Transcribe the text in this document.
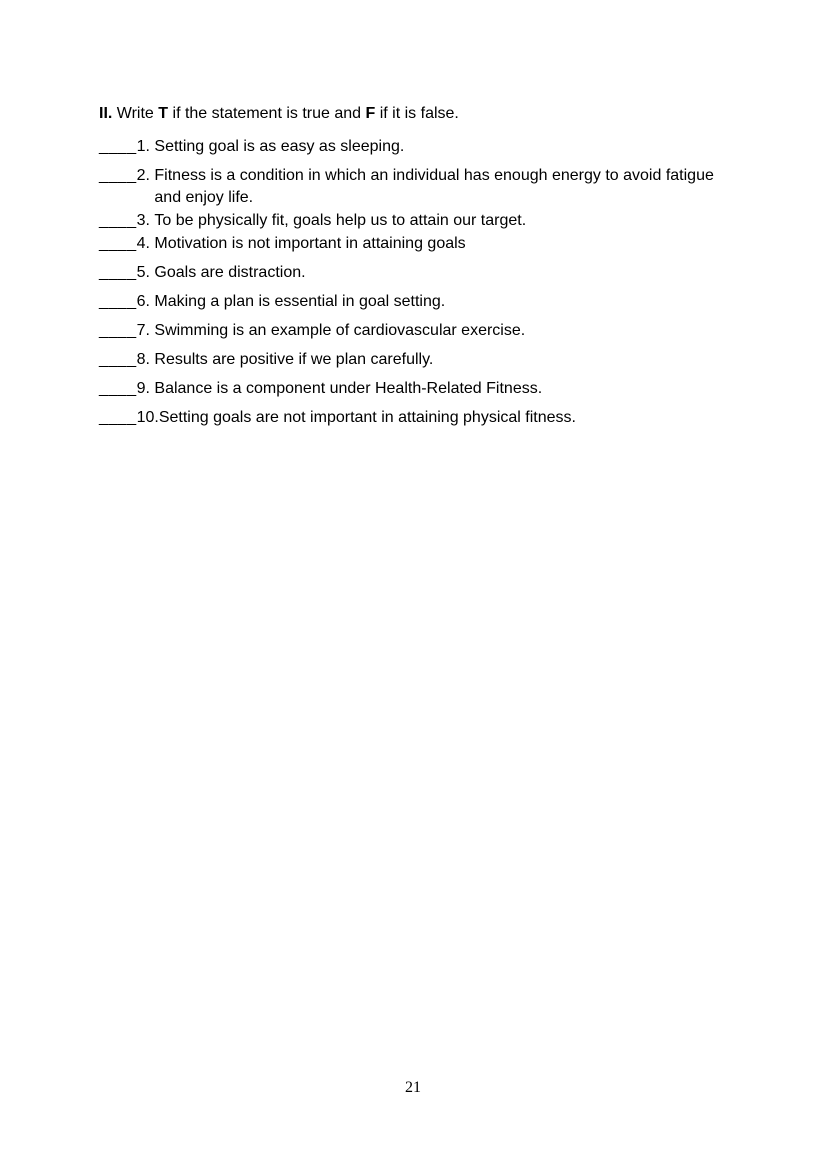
II. Write T if the statement is true and F if it is false.

____ 1. Setting goal is as easy as sleeping.
____ 2. Fitness is a condition in which an individual has enough energy to avoid fatigue and enjoy life.
____ 3. To be physically fit, goals help us to attain our target.
____ 4. Motivation is not important in attaining goals
____ 5. Goals are distraction.
____ 6. Making a plan is essential in goal setting.
____ 7. Swimming is an example of cardiovascular exercise.
____ 8. Results are positive if we plan carefully.
____ 9. Balance is a component under Health-Related Fitness.
____ 10. Setting goals are not important in attaining physical fitness.
21
